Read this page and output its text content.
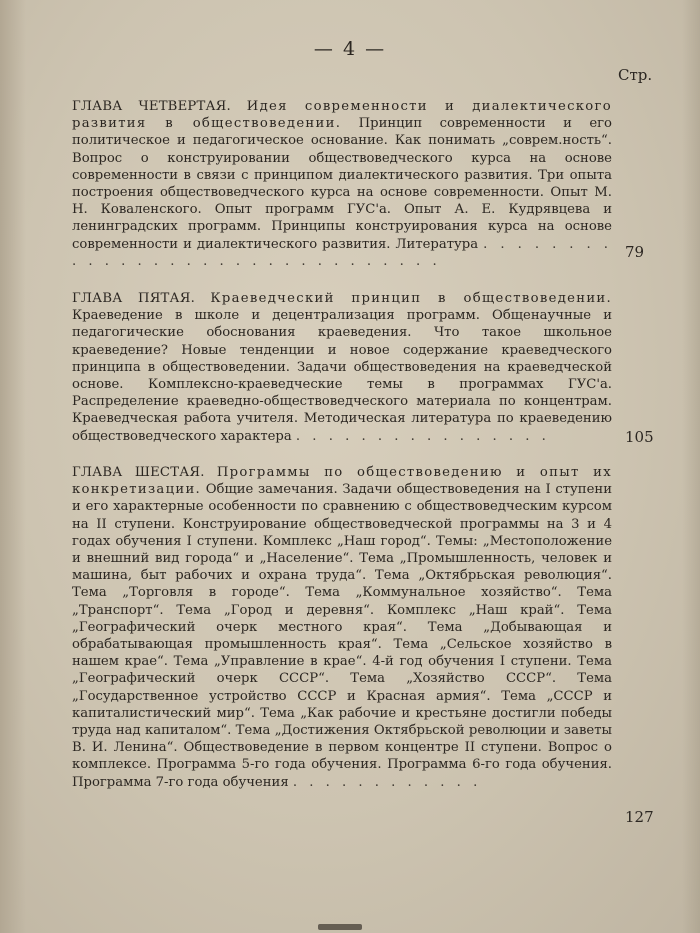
— 4 —
Стр.

ГЛАВА ЧЕТВЕРТАЯ. Идея современности и диалектического развития в обществоведении. Принцип современности и его политическое и педагогическое основание. Как понимать „соврем.ность“. Вопрос о конструировании обществоведческого курса на основе современности в связи с принципом диалектического развития. Три опыта построения обществоведческого курса на основе современности. Опыт М. Н. Коваленского. Опыт программ ГУС'а. Опыт А. Е. Кудрявцева и ленинградских программ. Принципы конструирования курса на основе современности и диалектического развития. Литература . . . . . . . . . . . . . . . . . . . . . . . . . . . . . . .

79

ГЛАВА ПЯТАЯ. Краеведческий принцип в обществоведении. Краеведение в школе и децентрализация программ. Общенаучные и педагогические обоснования краеведения. Что такое школьное краеведение? Новые тенденции и новое содержание краеведческого принципа в обществоведении. Задачи обществоведения на краеведческой основе. Комплексно-краеведческие темы в программах ГУС'а. Распределение краеведно-обществоведческого материала по концентрам. Краеведческая работа учителя. Методическая литература по краеведению обществоведческого характера . . . . . . . . . . . . . . . .	105

ГЛАВА ШЕСТАЯ. Программы по обществоведению и опыт их конкретизации. Общие замечания. Задачи обществоведения на I ступени и его характерные особенности по сравнению с обществоведческим курсом на II ступени. Конструирование обществоведческой программы на 3 и 4 годах обучения I ступени. Комплекс „Наш город“. Темы: „Местоположение и внешний вид города“ и „Население“. Тема „Промышленность, человек и машина, быт рабочих и охрана труда“. Тема „Октябрьская революция“. Тема „Торговля в городе“. Тема „Коммунальное хозяйство“. Тема „Транспорт“. Тема „Город и деревня“. Комплекс „Наш край“. Тема „Географический очерк местного края“. Тема „Добывающая и обрабатывающая промышленность края“. Тема „Сельское хозяйство в нашем крае“. Тема „Управление в крае“. 4-й год обучения I ступени. Тема „Географический очерк СССР“. Тема „Хозяйство СССР“. Тема „Государственное устройство СССР и Красная армия“. Тема „СССР и капиталистический мир“. Тема „Как рабочие и крестьяне достигли победы труда над капиталом“. Тема „Достижения Октябрьской революции и заветы В. И. Ленина“. Обществоведение в первом концентре II ступени. Вопрос о комплексе. Программа 5-го года обучения. Программа 6-го года обучения. Программа 7-го года обучения . . . . . . . . . . . .

127
